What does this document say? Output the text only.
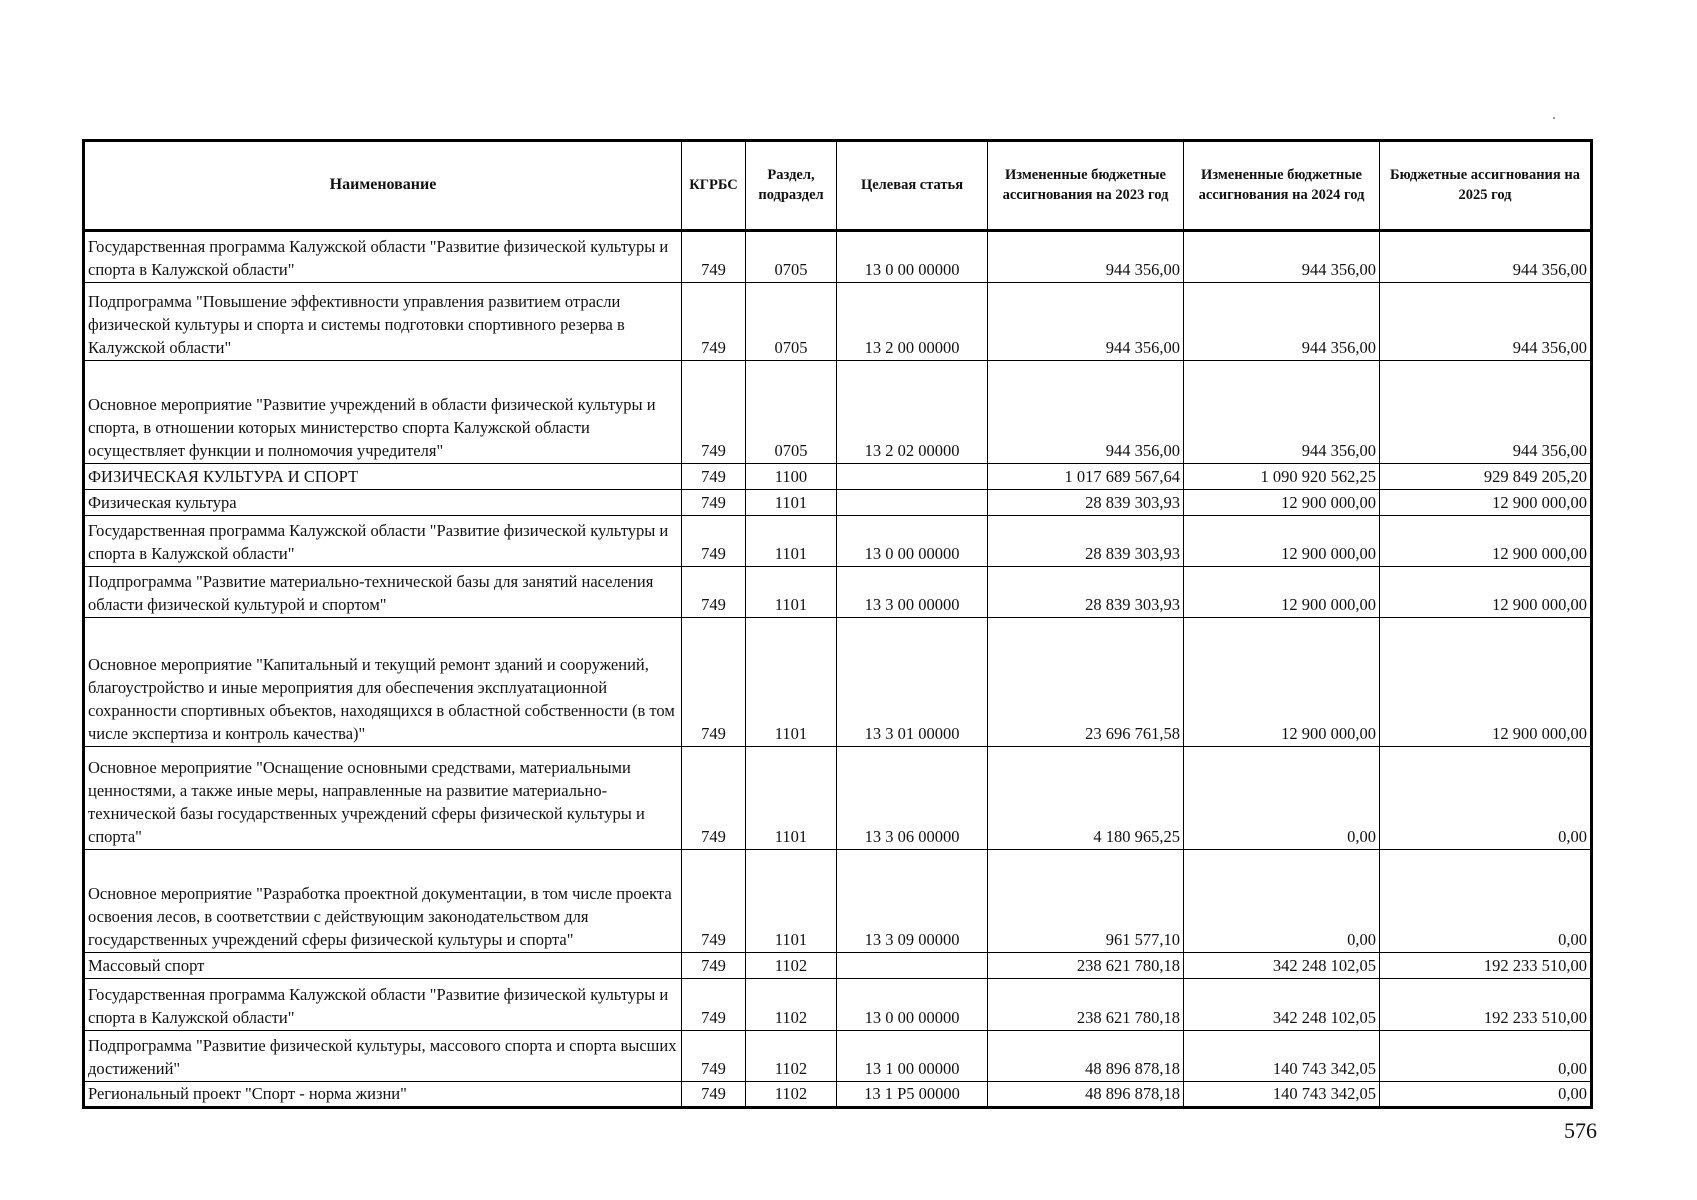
Наименование	КГРБС	Раздел, подраздел	Целевая статья	Измененные бюджетные ассигнования на 2023 год	Измененные бюджетные ассигнования на 2024 год	Бюджетные ассигнования на 2025 год
Государственная программа Калужской области "Развитие физической культуры и спорта в Калужской области"	749	0705	13 0 00 00000	944 356,00	944 356,00	944 356,00
Подпрограмма "Повышение эффективности управления развитием отрасли физической культуры и спорта и системы подготовки спортивного резерва в Калужской области"	749	0705	13 2 00 00000	944 356,00	944 356,00	944 356,00
Основное мероприятие "Развитие учреждений в области физической культуры и спорта, в отношении которых министерство спорта Калужской области осуществляет функции и полномочия учредителя"	749	0705	13 2 02 00000	944 356,00	944 356,00	944 356,00
ФИЗИЧЕСКАЯ КУЛЬТУРА И СПОРТ	749	1100		1 017 689 567,64	1 090 920 562,25	929 849 205,20
Физическая культура	749	1101		28 839 303,93	12 900 000,00	12 900 000,00
Государственная программа Калужской области "Развитие физической культуры и спорта в Калужской области"	749	1101	13 0 00 00000	28 839 303,93	12 900 000,00	12 900 000,00
Подпрограмма "Развитие материально-технической базы для занятий населения области физической культурой и спортом"	749	1101	13 3 00 00000	28 839 303,93	12 900 000,00	12 900 000,00
Основное мероприятие "Капитальный и текущий ремонт зданий и сооружений, благоустройство и иные мероприятия для обеспечения эксплуатационной сохранности спортивных объектов, находящихся в областной собственности (в том числе экспертиза и контроль качества)"	749	1101	13 3 01 00000	23 696 761,58	12 900 000,00	12 900 000,00
Основное мероприятие "Оснащение основными средствами, материальными ценностями, а также иные меры, направленные на развитие материально-технической базы государственных учреждений сферы физической культуры и спорта"	749	1101	13 3 06 00000	4 180 965,25	0,00	0,00
Основное мероприятие "Разработка проектной документации, в том числе проекта освоения лесов, в соответствии с действующим законодательством для государственных учреждений сферы физической культуры и спорта"	749	1101	13 3 09 00000	961 577,10	0,00	0,00
Массовый спорт	749	1102		238 621 780,18	342 248 102,05	192 233 510,00
Государственная программа Калужской области "Развитие физической культуры и спорта в Калужской области"	749	1102	13 0 00 00000	238 621 780,18	342 248 102,05	192 233 510,00
Подпрограмма "Развитие физической культуры, массового спорта и спорта высших достижений"	749	1102	13 1 00 00000	48 896 878,18	140 743 342,05	0,00
Региональный проект "Спорт - норма жизни"	749	1102	13 1 P5 00000	48 896 878,18	140 743 342,05	0,00
576
